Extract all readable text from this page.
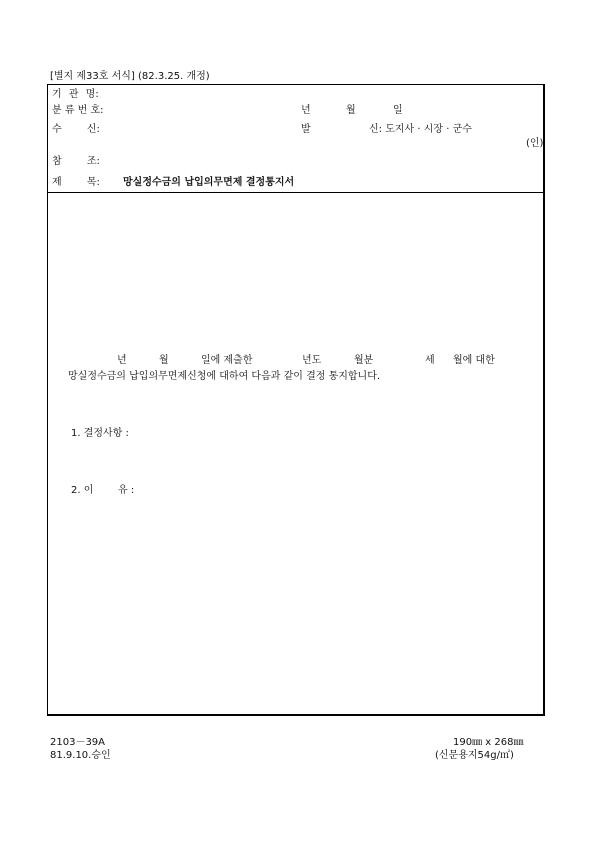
[별지 제33호 서식] (82.3.25. 개정)
기 관 명:
분 류 번 호:	년	월	일
수 신:	발	신: 도지사 · 시장 · 군수
(인)
참 조:
제 목: 망실정수금의 납입의무면제 결정통지서
년	월	일에 제출한	년도	월분	세 월에 대한
망실정수금의 납입의무면제신청에 대하여 다음과 같이 결정 통지합니다.
1. 결정사항 :
2. 이 유 :
2103－39A
81.9.10.승인
190㎜ x 268㎜
(신문용지54g/㎡)
